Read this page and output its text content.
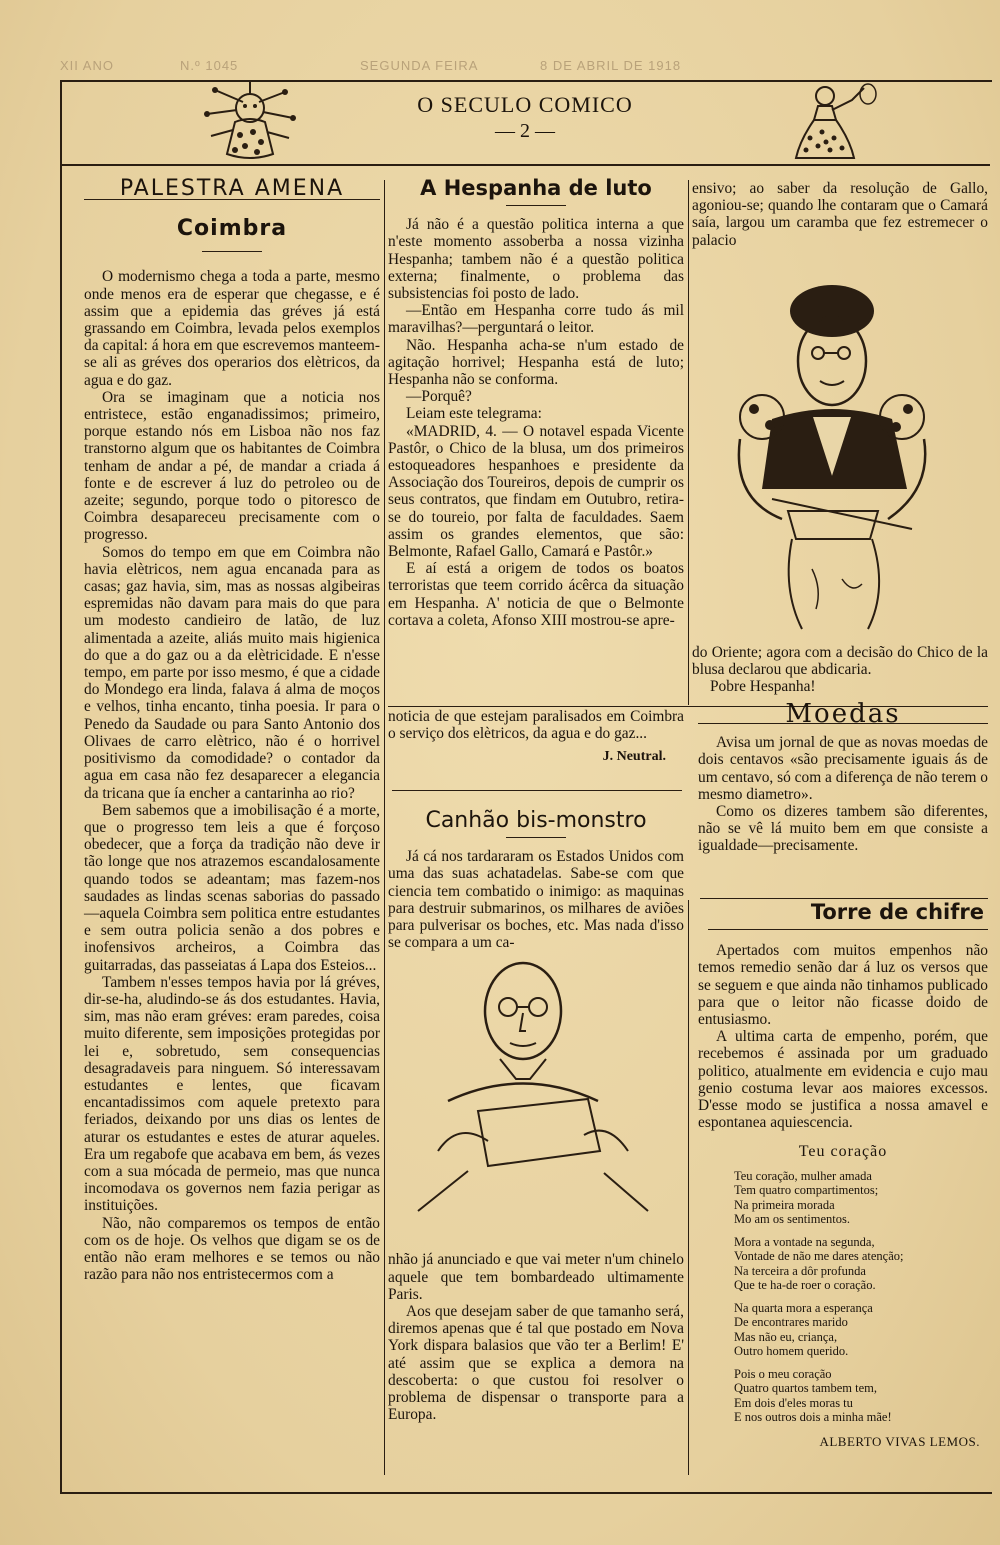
XII ANO	N.º 1045	SEGUNDA FEIRA	8 DE ABRIL DE 1918
O SECULO COMICO
— 2 —
PALESTRA AMENA
Coimbra

O modernismo chega a toda a parte, mesmo onde menos era de esperar que chegasse, e é assim que a epidemia das gréves já está grassando em Coimbra, levada pelos exemplos da capital: á hora em que escrevemos manteem-se ali as gréves dos operarios dos elètricos, da agua e do gaz.

Ora se imaginam que a noticia nos entristece, estão enganadissimos; primeiro, porque estando nós em Lisboa não nos faz transtorno algum que os habitantes de Coimbra tenham de andar a pé, de mandar a criada á fonte e de escrever á luz do petroleo ou de azeite; segundo, porque todo o pitoresco de Coimbra desapareceu precisamente com o progresso.

Somos do tempo em que em Coimbra não havia elètricos, nem agua encanada para as casas; gaz havia, sim, mas as nossas algibeiras espremidas não davam para mais do que para um modesto candieiro de latão, de luz alimentada a azeite, aliás muito mais higienica do que a do gaz ou a da elètricidade. E n'esse tempo, em parte por isso mesmo, é que a cidade do Mondego era linda, falava á alma de moços e velhos, tinha encanto, tinha poesia. Ir para o Penedo da Saudade ou para Santo Antonio dos Olivaes de carro elètrico, não é o horrivel positivismo da comodidade? o contador da agua em casa não fez desaparecer a elegancia da tricana que ía encher a cantarinha ao rio?

Bem sabemos que a imobilisação é a morte, que o progresso tem leis a que é forçoso obedecer, que a força da tradição não deve ir tão longe que nos atrazemos escandalosamente quando todos se adeantam; mas fazem-nos saudades as lindas scenas saborias do passado—aquela Coimbra sem politica entre estudantes e sem outra policia senão a dos pobres e inofensivos archeiros, a Coimbra das guitarradas, das passeiatas á Lapa dos Esteios...

Tambem n'esses tempos havia por lá gréves, dir-se-ha, aludindo-se ás dos estudantes. Havia, sim, mas não eram gréves: eram paredes, coisa muito diferente, sem imposições protegidas por lei e, sobretudo, sem consequencias desagradaveis para ninguem. Só interessavam estudantes e lentes, que ficavam encantadissimos com aquele pretexto para feriados, deixando por uns dias os lentes de aturar os estudantes e estes de aturar aqueles. Era um regabofe que acabava em bem, ás vezes com a sua mócada de permeio, mas que nunca incomodava os governos nem fazia perigar as instituições.

Não, não comparemos os tempos de então com os de hoje. Os velhos que digam se os de então não eram melhores e se temos ou não razão para não nos entristecermos com a

A Hespanha de luto

Já não é a questão politica interna a que n'este momento assoberba a nossa vizinha Hespanha; tambem não é a questão politica externa; finalmente, o problema das subsistencias foi posto de lado.

—Então em Hespanha corre tudo ás mil maravilhas?—perguntará o leitor.

Não. Hespanha acha-se n'um estado de agitação horrivel; Hespanha está de luto; Hespanha não se conforma.

—Porquê?

Leiam este telegrama:

«MADRID, 4. — O notavel espada Vicente Pastôr, o Chico de la blusa, um dos primeiros estoqueadores hespanhoes e presidente da Associação dos Toureiros, depois de cumprir os seus contratos, que findam em Outubro, retira-se do toureio, por falta de faculdades. Saem assim os grandes elementos, que são: Belmonte, Rafael Gallo, Camará e Pastôr.»

E aí está a origem de todos os boatos terroristas que teem corrido ácêrca da situação em Hespanha. A' noticia de que o Belmonte cortava a coleta, Afonso XIII mostrou-se apre-

ensivo; ao saber da resolução de Gallo, agoniou-se; quando lhe contaram que o Camará saía, largou um caramba que fez estremecer o palacio

do Oriente; agora com a decisão do Chico de la blusa declarou que abdicaria.

Pobre Hespanha!

noticia de que estejam paralisados em Coimbra o serviço dos elètricos, da agua e do gaz...

J. Neutral.

Canhão bis-monstro

Já cá nos tardararam os Estados Unidos com uma das suas achatadelas. Sabe-se com que ciencia tem combatido o inimigo: as maquinas para destruir submarinos, os milhares de aviões para pulverisar os boches, etc. Mas nada d'isso se compara a um ca-

nhão já anunciado e que vai meter n'um chinelo aquele que tem bombardeado ultimamente Paris.

Aos que desejam saber de que tamanho será, diremos apenas que é tal que postado em Nova York dispara balasios que vão ter a Berlim! E' até assim que se explica a demora na descoberta: o que custou foi resolver o problema de dispensar o transporte para a Europa.

Moedas

Avisa um jornal de que as novas moedas de dois centavos «são precisamente iguais ás de um centavo, só com a diferença de não terem o mesmo diametro».

Como os dizeres tambem são diferentes, não se vê lá muito bem em que consiste a igualdade—precisamente.

Torre de chifre

Apertados com muitos empenhos não temos remedio senão dar á luz os versos que se seguem e que ainda não tinhamos publicado para que o leitor não ficasse doido de entusiasmo.

A ultima carta de empenho, porém, que recebemos é assinada por um graduado politico, atualmente em evidencia e cujo mau genio costuma levar aos maiores excessos. D'esse modo se justifica a nossa amavel e espontanea aquiescencia.

Teu coração
Teu coração, mulher amada
Tem quatro compartimentos;
Na primeira morada
Mo am os sentimentos.
Mora a vontade na segunda,
Vontade de não me dares atenção;
Na terceira a dôr profunda
Que te ha-de roer o coração.
Na quarta mora a esperança
De encontrares marido
Mas não eu, criança,
Outro homem querido.
Pois o meu coração
Quatro quartos tambem tem,
Em dois d'eles moras tu
E nos outros dois a minha mãe!
ALBERTO VIVAS LEMOS.
